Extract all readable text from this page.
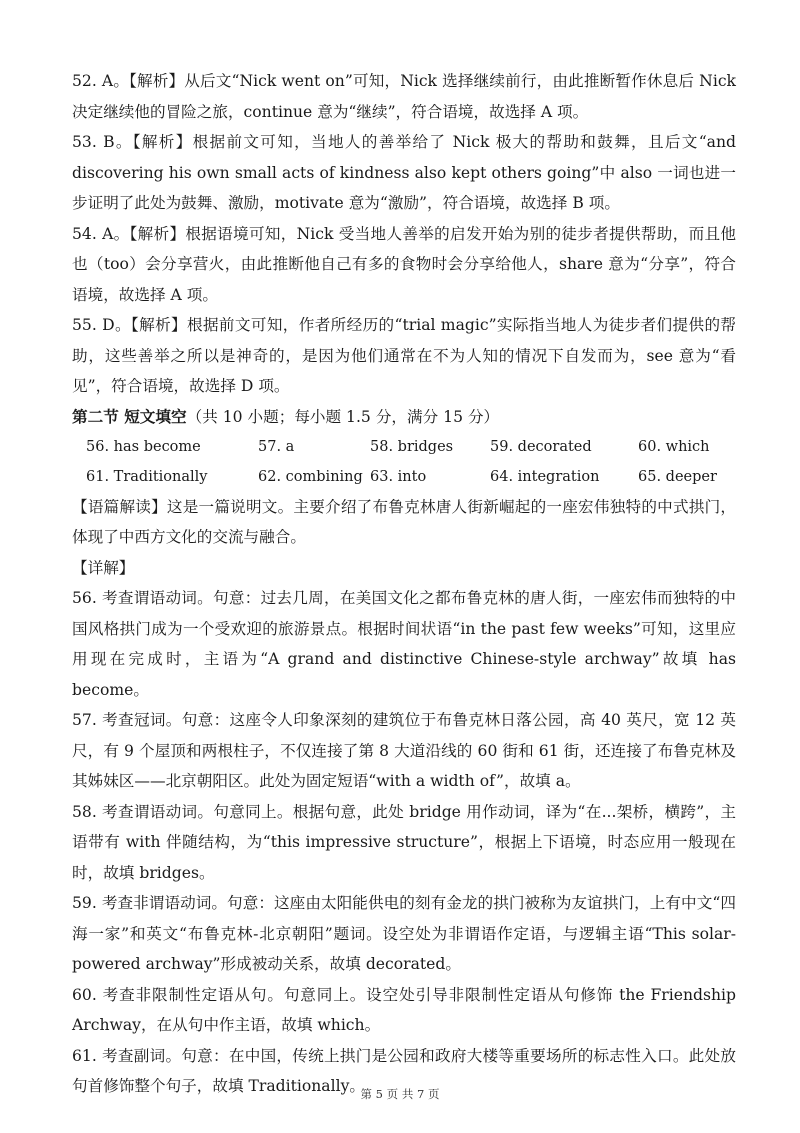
52. A。【解析】从后文“Nick went on”可知，Nick 选择继续前行，由此推断暂作休息后 Nick 决定继续他的冒险之旅，continue 意为“继续”，符合语境，故选择 A 项。

53. B。【解析】根据前文可知，当地人的善举给了 Nick 极大的帮助和鼓舞，且后文“and discovering his own small acts of kindness also kept others going”中 also 一词也进一步证明了此处为鼓舞、激励，motivate 意为“激励”，符合语境，故选择 B 项。

54. A。【解析】根据语境可知，Nick 受当地人善举的启发开始为别的徒步者提供帮助，而且他也（too）会分享营火，由此推断他自己有多的食物时会分享给他人，share 意为“分享”，符合语境，故选择 A 项。

55. D。【解析】根据前文可知，作者所经历的“trial magic”实际指当地人为徒步者们提供的帮助，这些善举之所以是神奇的，是因为他们通常在不为人知的情况下自发而为，see 意为“看见”，符合语境，故选择 D 项。

第二节 短文填空（共 10 小题；每小题 1.5 分，满分 15 分）

56. has become	57. a	58. bridges	59. decorated	60. which
61. Traditionally	62. combining 63. into	64. integration	65. deeper

【语篇解读】这是一篇说明文。主要介绍了布鲁克林唐人街新崛起的一座宏伟独特的中式拱门，体现了中西方文化的交流与融合。

【详解】

56. 考查谓语动词。句意：过去几周，在美国文化之都布鲁克林的唐人街，一座宏伟而独特的中国风格拱门成为一个受欢迎的旅游景点。根据时间状语“in the past few weeks”可知，这里应用现在完成时，主语为“A grand and distinctive Chinese-style archway”故填 has become。

57. 考查冠词。句意：这座令人印象深刻的建筑位于布鲁克林日落公园，高 40 英尺，宽 12 英尺，有 9 个屋顶和两根柱子，不仅连接了第 8 大道沿线的 60 街和 61 街，还连接了布鲁克林及其姊妹区——北京朝阳区。此处为固定短语“with a width of”，故填 a。

58. 考查谓语动词。句意同上。根据句意，此处 bridge 用作动词，译为“在...架桥，横跨”，主语带有 with 伴随结构，为“this impressive structure”，根据上下语境，时态应用一般现在时，故填 bridges。

59. 考查非谓语动词。句意：这座由太阳能供电的刻有金龙的拱门被称为友谊拱门，上有中文“四海一家”和英文“布鲁克林-北京朝阳”题词。设空处为非谓语作定语，与逻辑主语“This solar-powered archway”形成被动关系，故填 decorated。

60. 考查非限制性定语从句。句意同上。设空处引导非限制性定语从句修饰 the Friendship Archway，在从句中作主语，故填 which。

61. 考查副词。句意：在中国，传统上拱门是公园和政府大楼等重要场所的标志性入口。此处放句首修饰整个句子，故填 Traditionally。

第 5 页 共 7 页
